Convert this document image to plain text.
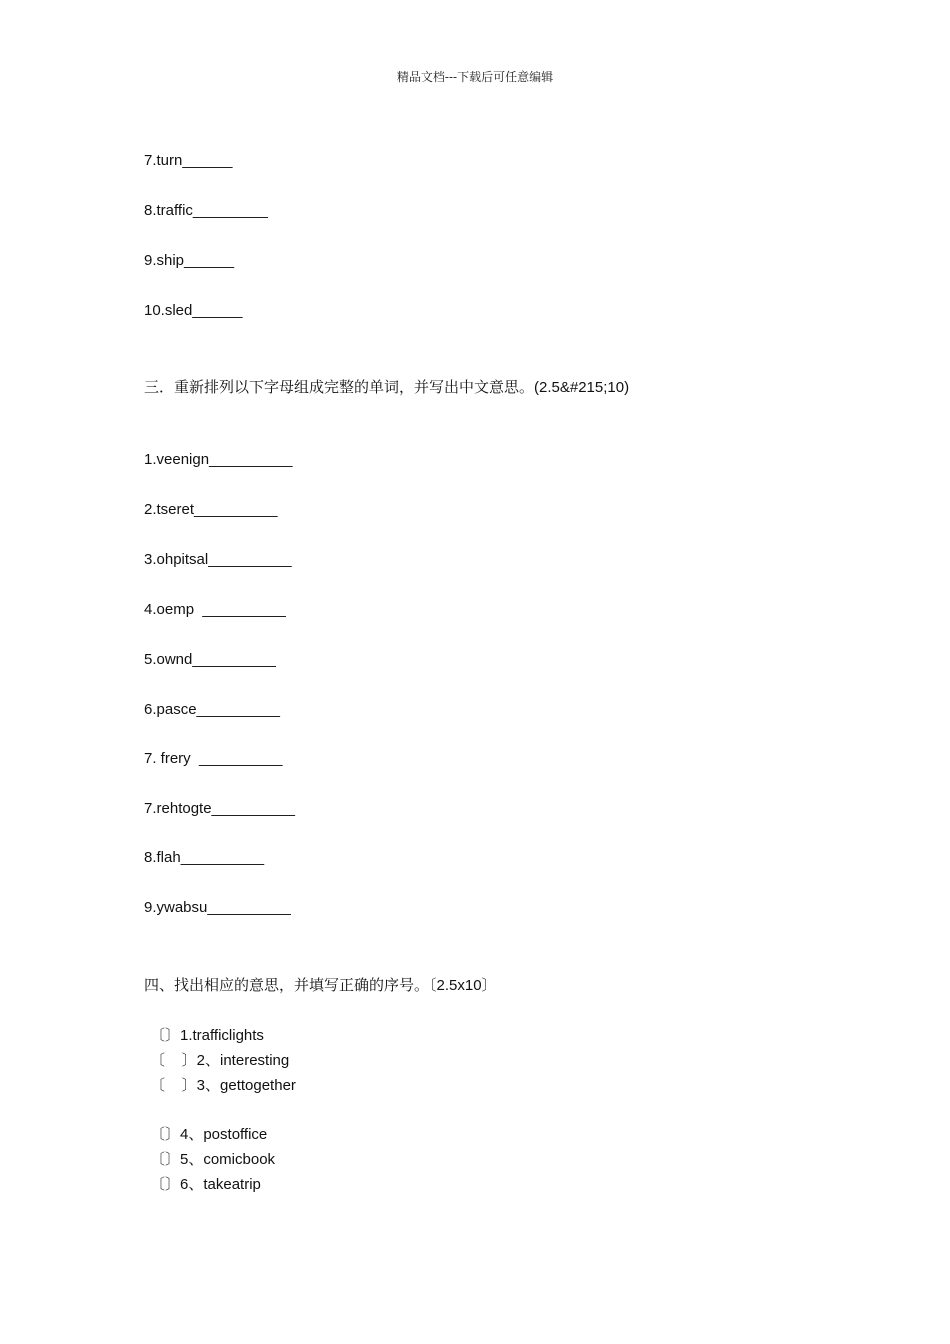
精品文档---下载后可任意编辑
7.turn______
8.traffic_________
9.ship______
10.sled______
三．重新排列以下字母组成完整的单词，并写出中文意思。(2.5&#215;10)
1.veenign__________
2.tseret__________
3.ohpitsal__________
4.oemp  __________
5.ownd__________
6.pasce__________
7. frery  __________
7.rehtogte__________
8.flah__________
9.ywabsu__________
四、找出相应的意思，并填写正确的序号。〔2.5x10〕
〔〕1.trafficlights
〔    〕2、interesting
〔    〕3、gettogether
〔〕4、postoffice
〔〕5、comicbook
〔〕6、takeatrip
